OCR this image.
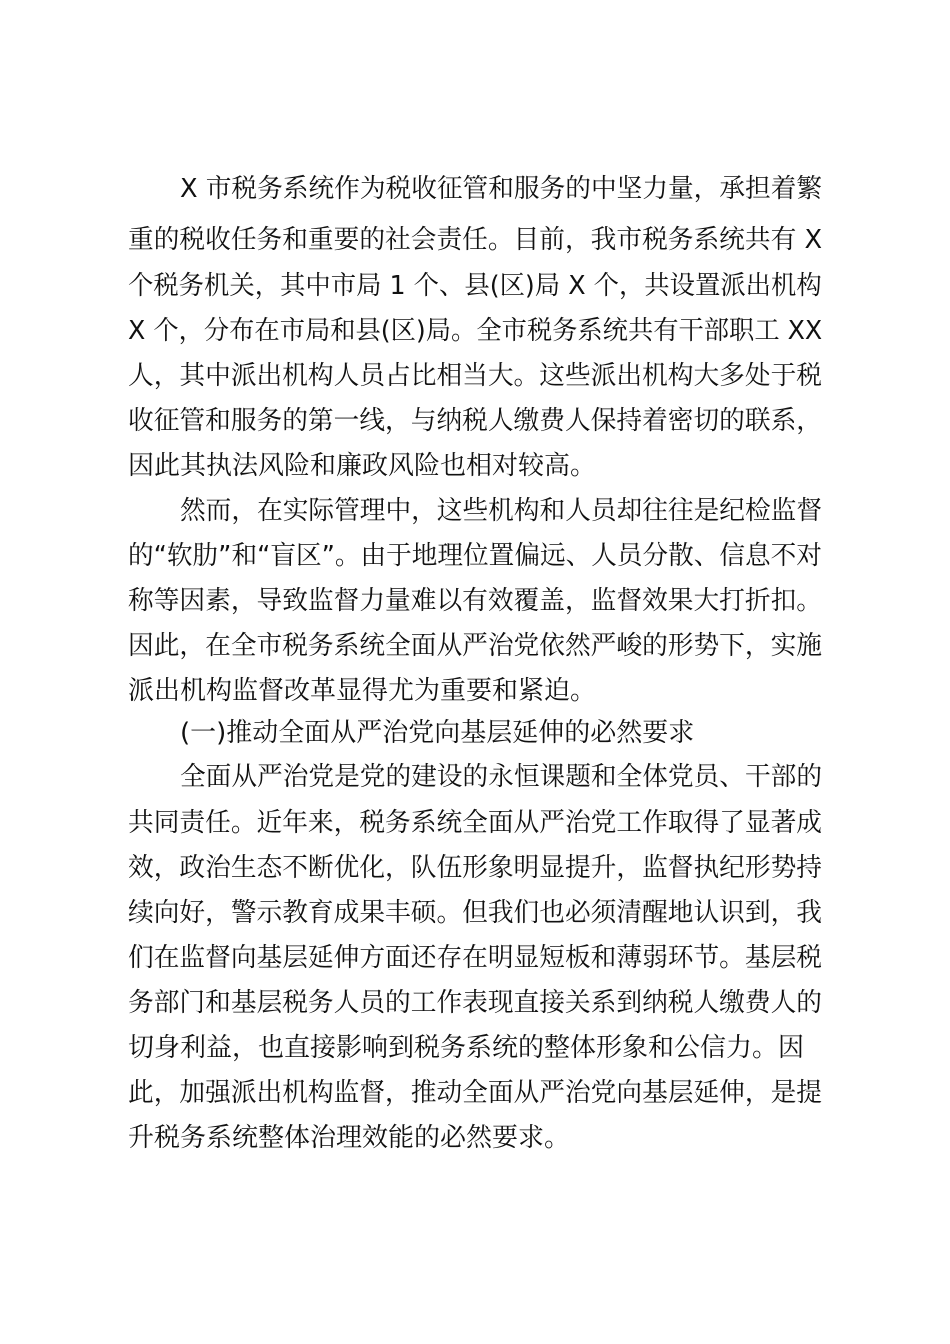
X 市税务系统作为税收征管和服务的中坚力量，承担着繁
重的税收任务和重要的社会责任。目前，我市税务系统共有 X
个税务机关，其中市局 1 个、县(区)局 X 个，共设置派出机构
X 个，分布在市局和县(区)局。全市税务系统共有干部职工 XX
人，其中派出机构人员占比相当大。这些派出机构大多处于税
收征管和服务的第一线，与纳税人缴费人保持着密切的联系，
因此其执法风险和廉政风险也相对较高。
然而，在实际管理中，这些机构和人员却往往是纪检监督
的“软肋”和“盲区”。由于地理位置偏远、人员分散、信息不对
称等因素，导致监督力量难以有效覆盖，监督效果大打折扣。
因此，在全市税务系统全面从严治党依然严峻的形势下，实施
派出机构监督改革显得尤为重要和紧迫。
(一)推动全面从严治党向基层延伸的必然要求
全面从严治党是党的建设的永恒课题和全体党员、干部的
共同责任。近年来，税务系统全面从严治党工作取得了显著成
效，政治生态不断优化，队伍形象明显提升，监督执纪形势持
续向好，警示教育成果丰硕。但我们也必须清醒地认识到，我
们在监督向基层延伸方面还存在明显短板和薄弱环节。基层税
务部门和基层税务人员的工作表现直接关系到纳税人缴费人的
切身利益，也直接影响到税务系统的整体形象和公信力。因
此，加强派出机构监督，推动全面从严治党向基层延伸，是提
升税务系统整体治理效能的必然要求。
